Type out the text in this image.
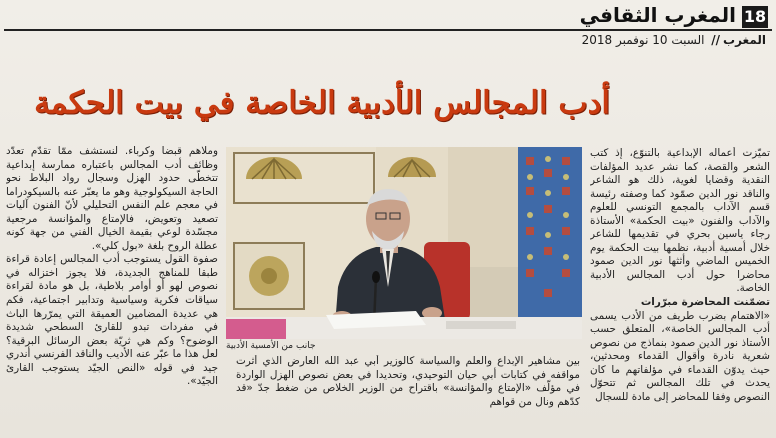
18
المغرب الثقافي
المغرب// السبت 10 نوفمبر 2018
أدب المجالس الأدبية الخاصة في بيت الحكمة
تميّزت أعماله الإبداعية بالتنوّع، إذ كتب الشعر والقصة، كما نشر عديد المؤلفات النقدية وقضايا لغوية، ذلك هو الشاعر والناقد نور الدين صمّود كما وصفته رئيسة قسم الآداب بالمجمع التونسي للعلوم والآداب والفنون «بيت الحكمة» الأستاذة رجاء ياسين بحري في تقديمها للشاعر خلال أمسية أدبية، نظمها بيت الحكمة يوم الخميس الماضي وأثثها نور الدين صمود محاضرا حول أدب المجالس الأدبية الخاصة.
تضمّنت المحاضرة مبرّرات
«الاهتمام بضرب طريف من الأدب يسمى أدب المجالس الخاصة»، المتعلق حسب الأستاذ نور الدين صمود بنماذج من نصوص شعرية نادرة وأقوال القدماء ومحدثين، حيث يدوّن القدماء في مؤلفاتهم ما كان يحدث في تلك المجالس ثم تتحوّل النصوص وفقا للمحاضر إلى مادة للسجال
جانب من الأمسية الأدبية
بين مشاهير الإبداع والعلم والسياسة كالوزير أبي عبد الله العارض الذي أثرت مواقفه في كتابات أبي حيان التوحيدي، وتحديدا في بعض نصوص الهزل الواردة في مؤلّف «الإمتاع والمؤانسة» باقتراح من الوزير الخلاص من ضغط جدّ «قد كدّهم ونال من قواهم
وملاهم قبضا وكرباء. لنستشف ممّا تقدّم تعدّد وظائف أدب المجالس باعتباره ممارسة إبداعية تتخطّى حدود الهزل وسجال رواد البلاط نحو الحاجة السيكولوجية وهو ما يعبّر عنه بالسيكودراما في معجم علم النفس التحليلي لأنّ الفنون آليات تصعيد وتعويض، فالإمتاع والمؤانسة مرجعية مجسّدة لوعي بقيمة الخيال الفني من جهة كونه عطلة الروح بلغة «بول كلي».
صفوة القول يستوجب أدب المجالس إعادة قراءة طبقا للمناهج الجديدة، فلا يجوز اختزاله في نصوص لهو أو أوامر بلاطية، بل هو مادة لقراءة سياقات فكرية وسياسية وتدابير اجتماعية، فكم هي عديدة المضامين العميقة التي يمرّرها الباث في مفردات تبدو للقارئ السطحي شديدة الوضوح؟ وكم هي ثريّة بعض الرسائل البرقية؟ لعل هذا ما عبّر عنه الأديب والناقد الفرنسي أندري جيد في قوله «النص الجيّد يستوجب القارئ الجيّد».
